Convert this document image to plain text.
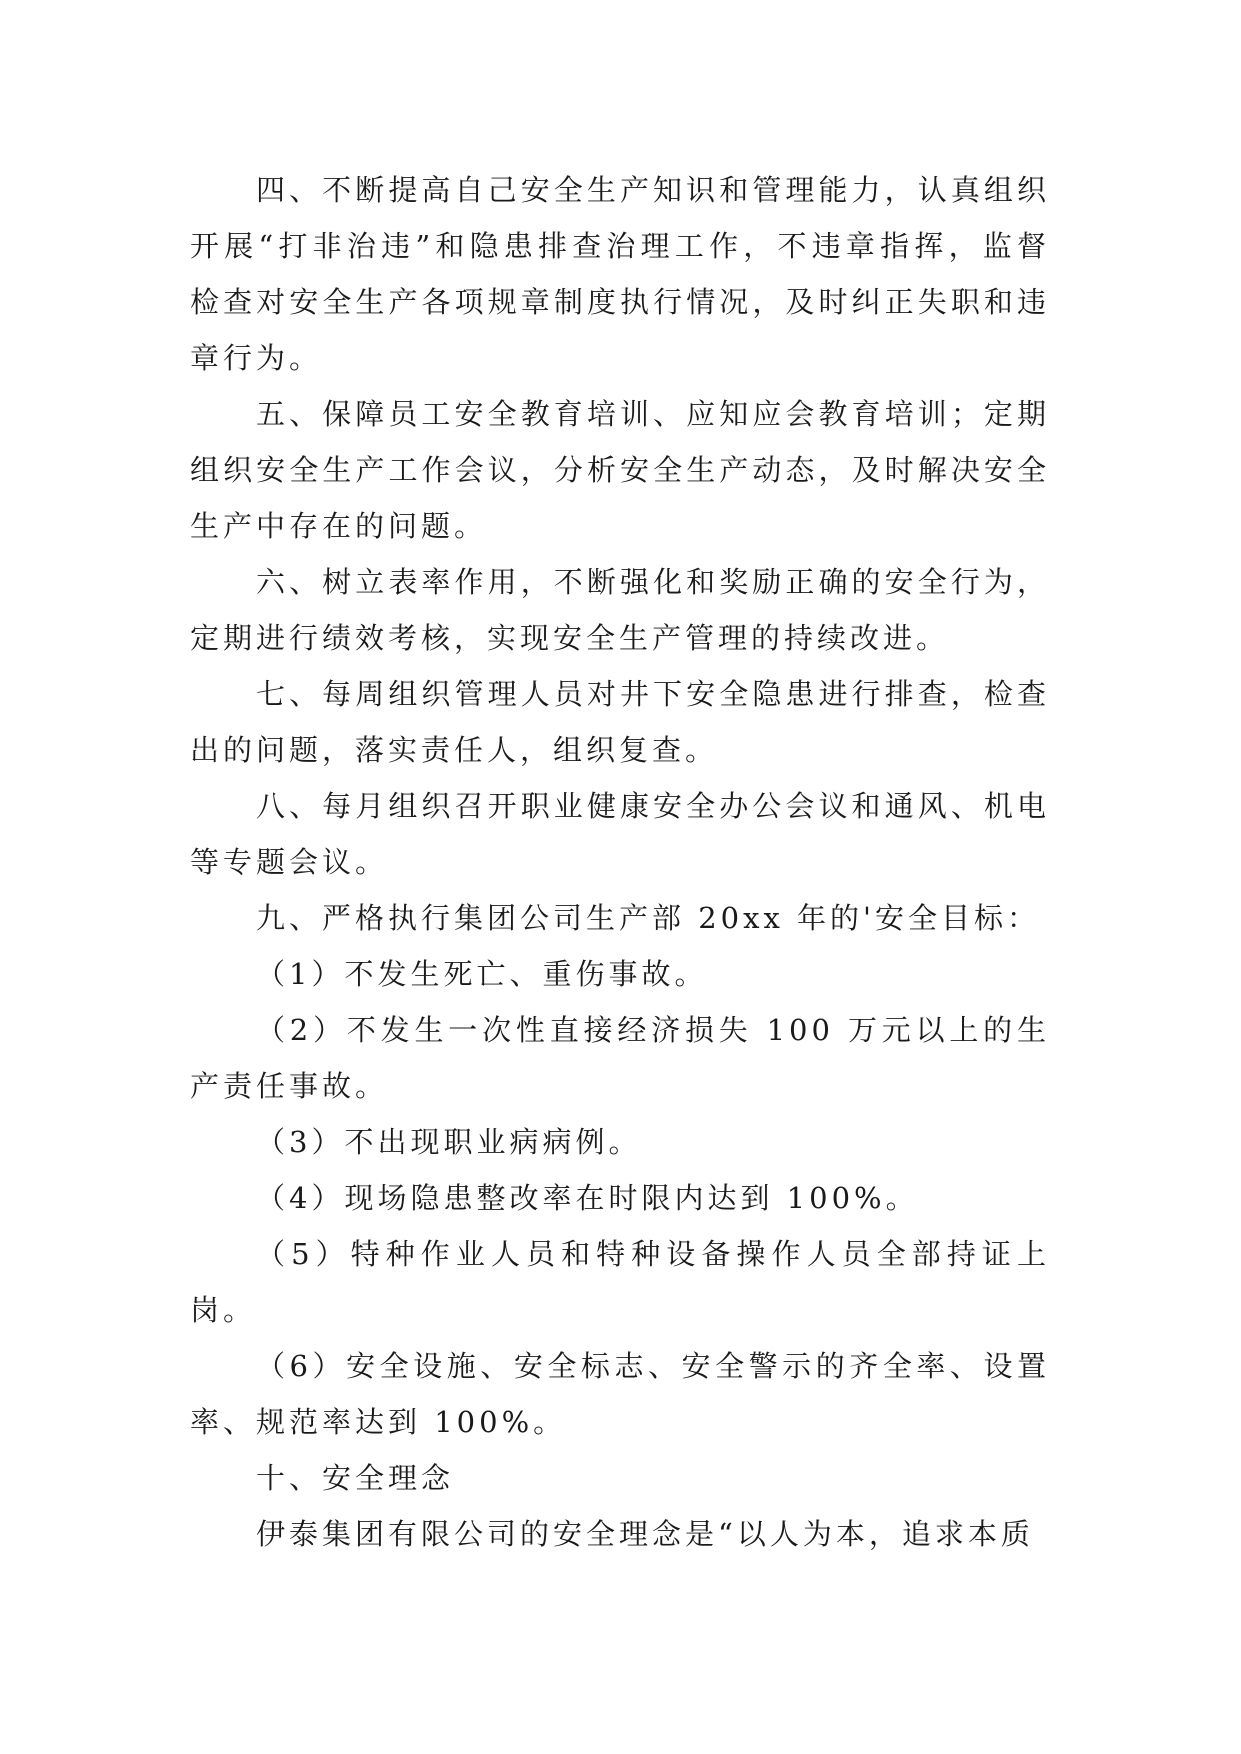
四、不断提高自己安全生产知识和管理能力，认真组织开展“打非治违”和隐患排查治理工作，不违章指挥，监督检查对安全生产各项规章制度执行情况，及时纠正失职和违章行为。

五、保障员工安全教育培训、应知应会教育培训；定期组织安全生产工作会议，分析安全生产动态，及时解决安全生产中存在的问题。

六、树立表率作用，不断强化和奖励正确的安全行为，定期进行绩效考核，实现安全生产管理的持续改进。

七、每周组织管理人员对井下安全隐患进行排查，检查出的问题，落实责任人，组织复查。

八、每月组织召开职业健康安全办公会议和通风、机电等专题会议。

九、严格执行集团公司生产部 20xx 年的'安全目标：

（1）不发生死亡、重伤事故。

（2）不发生一次性直接经济损失 100 万元以上的生产责任事故。

（3）不出现职业病病例。

（4）现场隐患整改率在时限内达到 100%。

（5）特种作业人员和特种设备操作人员全部持证上岗。

（6）安全设施、安全标志、安全警示的齐全率、设置率、规范率达到 100%。

十、安全理念

伊泰集团有限公司的安全理念是“以人为本，追求本质
